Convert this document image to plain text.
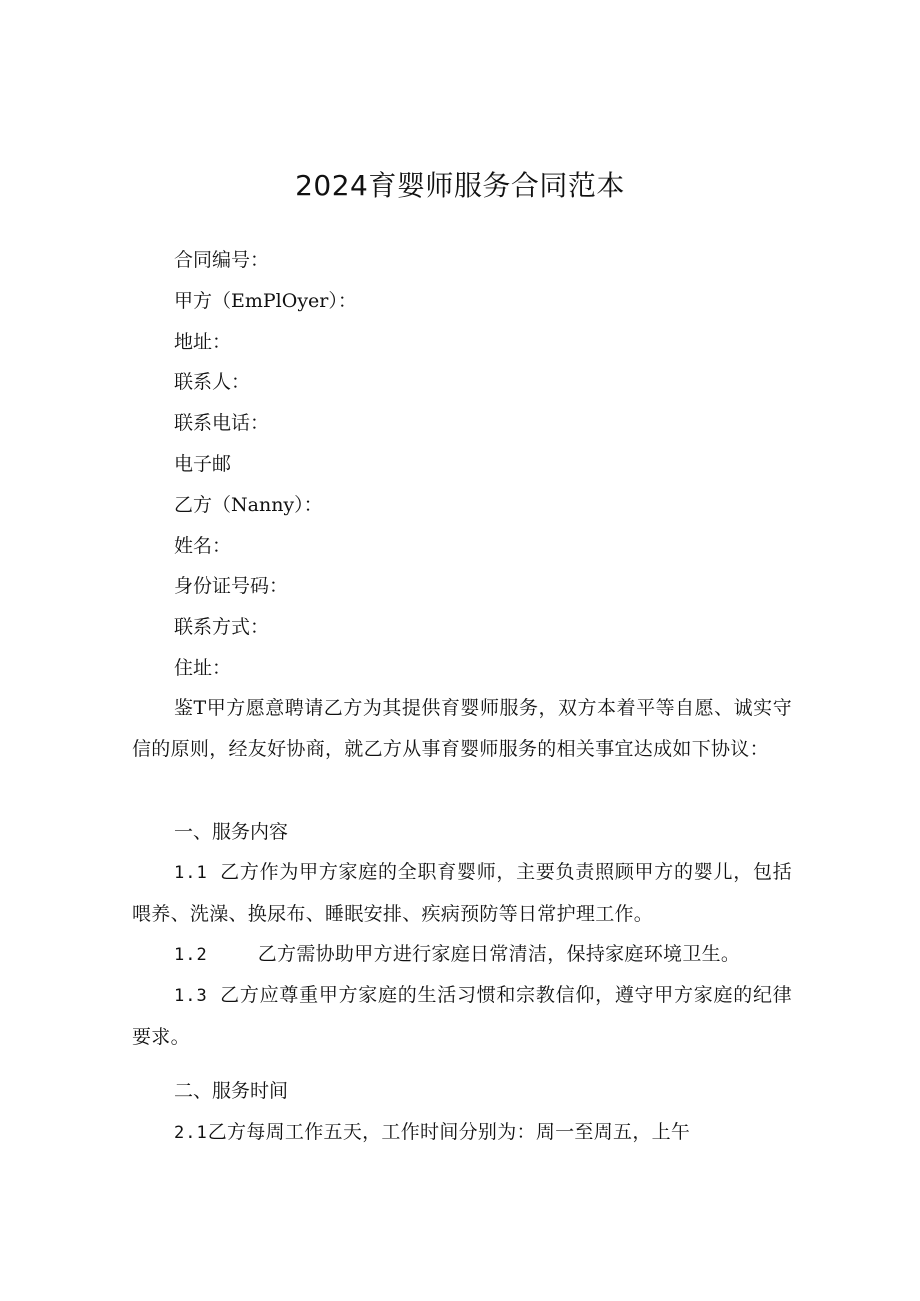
2024育婴师服务合同范本
合同编号：
甲方（EmPlOyer）：
地址：
联系人：
联系电话：
电子邮
乙方（Nanny）：
姓名：
身份证号码：
联系方式：
住址：
鉴T甲方愿意聘请乙方为其提供育婴师服务，双方本着平等自愿、诚实守信的原则，经友好协商，就乙方从事育婴师服务的相关事宜达成如下协议：
一、服务内容
1.1 乙方作为甲方家庭的全职育婴师，主要负责照顾甲方的婴儿，包括喂养、洗澡、换尿布、睡眠安排、疾病预防等日常护理工作。
1.2	乙方需协助甲方进行家庭日常清洁，保持家庭环境卫生。
1.3 乙方应尊重甲方家庭的生活习惯和宗教信仰，遵守甲方家庭的纪律要求。
二、服务时间
2.1乙方每周工作五天，工作时间分别为：周一至周五，上午
